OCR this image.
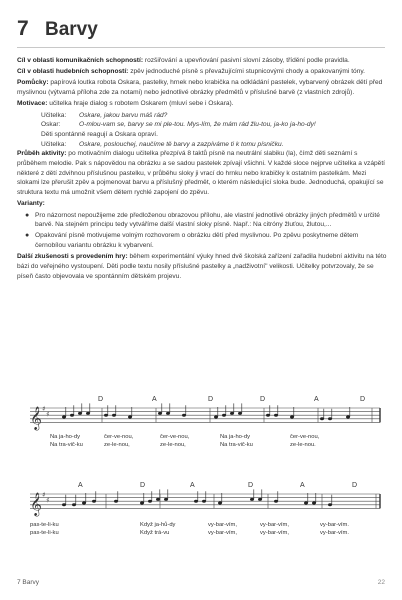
7 Barvy

Cíl v oblasti komunikačních schopností: rozšiřování a upevňování pasivní slovní zásoby, třídění podle pravidla.

Cíl v oblasti hudebních schopností: zpěv jednoduché písně s převažujícími stupnicovými chody a opakovanými tóny.

Pomůcky: papírová loutka robota Oskara, pastelky, hrnek nebo krabička na odkládání pastelek, vybarvený obrázek dětí před myslivnou (výtvarná příloha zde za notami) nebo jednotlivé obrázky předmětů v příslušné barvě (z vlastních zdrojů).

Motivace: učitelka hraje dialog s robotem Oskarem (mluví sebe i Oskara).

Učitelka:	Oskare, jakou barvu máš rád?
Oskar:	O-mlou-vam se, barvy se mi ple-tou. Mys-lím, že mám rád žlu-tou, ja-ko ja-ho-dy!
Děti spontánně reagují a Oskara opraví.
Učitelka:	Oskare, poslouchej, naučíme tě barvy a zazpíváme ti k tomu písničku.

Průběh aktivity: po motivačním dialogu učitelka přezpívá 8 taktů písně na neutrální slabiku (la), čímž děti seznámí s průběhem melodie. Pak s nápovědou na obrázku a se sadou pastelek zpívají všichni. V každé sloce nejprve učitelka a vzápětí některé z dětí zdvihnou příslušnou pastelku, v průběhu sloky ji vrací do hrnku nebo krabičky k ostatním pastelkám. Mezi slokami lze přerušit zpěv a pojmenovat barvu a příslušný předmět, o kterém následující sloka bude. Jednoduchá, opakující se struktura textu má umožnit všem dětem rychlé zapojení do zpěvu.

Varianty:

● Pro názornost nepoužijeme zde předloženou obrazovou přílohu, ale vlastní jednotlivé obrázky jiných předmětů v určité barvě. Na stejném principu tedy vytváříme další vlastní sloky písně. Např.: Na citróny žluťou, žlutou,...
● Opakování písně motivujeme volným rozhovorem o obrázku dětí před myslivnou. Po zpěvu poskytneme dětem černobílou variantu obrázku k vybarvení.

Další zkušenosti s provedením hry: během experimentální výuky hned dvě školská zařízení zařadila hudební aktivitu na této bázi do veřejného vystoupení. Děti podle textu nosily příslušné pastelky a „nadživotní" velikosti. Učitelky potvrzovaly, že se píseň často objevovala ve spontánním dětském projevu.

𝄞 ♯
♯
D	A	D	D	A	D
Na ja-ho-dy	čer-ve-nou,	čer-ve-nou,	Na ja-ho-dy	čer-ve-nou,
Na tra-vič-ku	ze-le-nou,	ze-le-nou,	Na tra-vič-ku	ze-le-nou.
𝄞 ♯
♯
A	D	A	D	A	D
pas-te-li-ku	Když ja-hů-dy	vy-bar-vím,	vy-bar-vím,	vy-bar-vím.
pas-te-li-ku	Když trá-vu	vy-bar-vím,	vy-bar-vím,	vy-bar-vím.
7 Barvy	22
